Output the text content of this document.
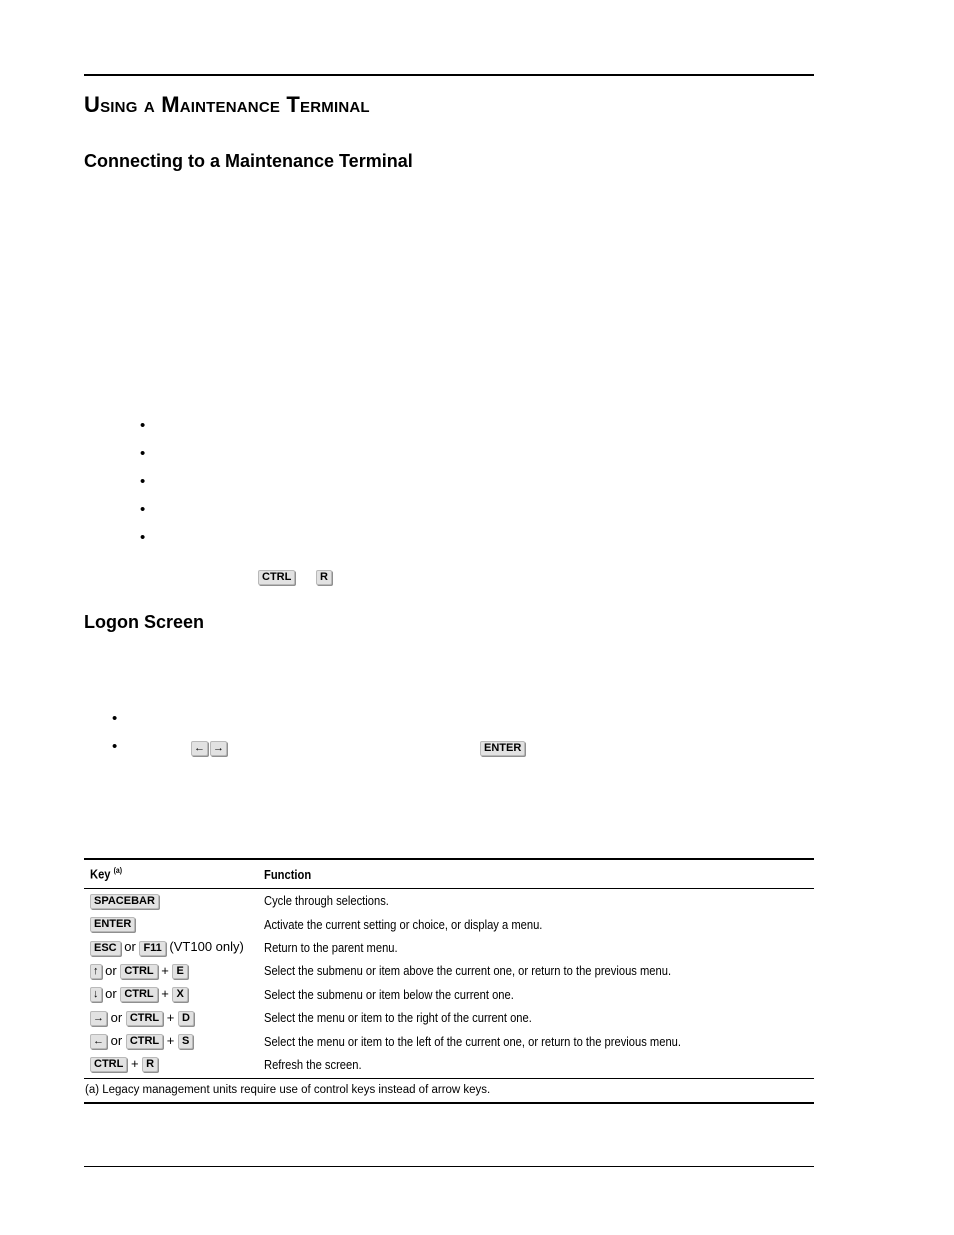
Using a Maintenance Terminal
Connecting to a Maintenance Terminal
•
•
•
•
•
CTRL	R
Logon Screen
•
•	← →	ENTER
Key $^{(a)}$	Function
SPACEBAR	Cycle through selections.
ENTER	Activate the current setting or choice, or display a menu.
ESC or F11 (VT100 only)	Return to the parent menu.
↑ or CTRL + E	Select the submenu or item above the current one, or return to the previous menu.
↓ or CTRL + X	Select the submenu or item below the current one.
→ or CTRL + D	Select the menu or item to the right of the current one.
← or CTRL + S	Select the menu or item to the left of the current one, or return to the previous menu.
CTRL + R	Refresh the screen.
(a) Legacy management units require use of control keys instead of arrow keys.
